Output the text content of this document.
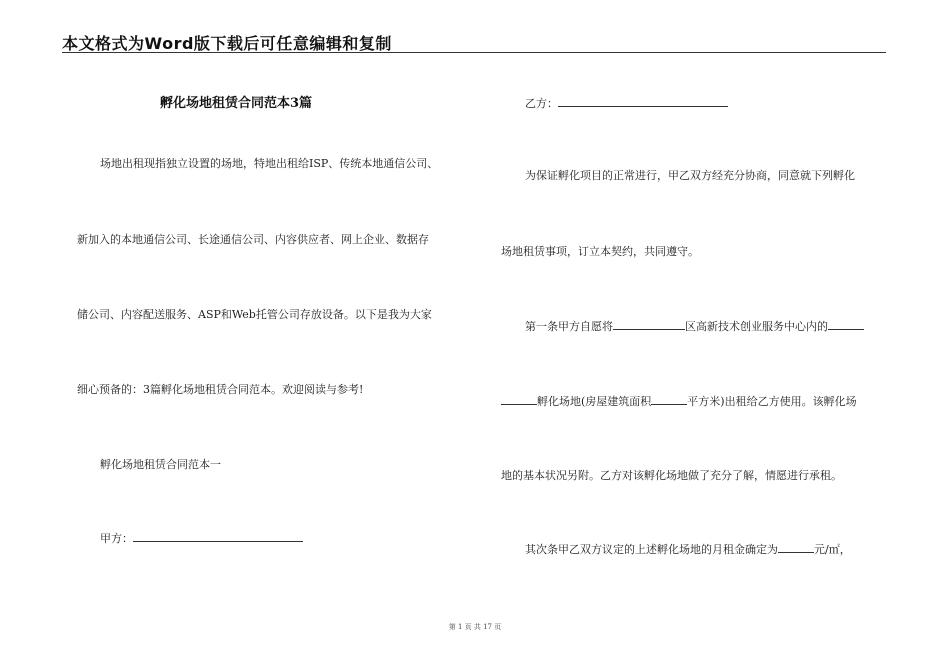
本文格式为Word版下载后可任意编辑和复制
孵化场地租赁合同范本3篇
场地出租现指独立设置的场地，特地出租给ISP、传统本地通信公司、
新加入的本地通信公司、长途通信公司、内容供应者、网上企业、数据存
储公司、内容配送服务、ASP和Web托管公司存放设备。以下是我为大家
细心预备的：3篇孵化场地租赁合同范本。欢迎阅读与参考!
孵化场地租赁合同范本一
甲方：
乙方：
为保证孵化项目的正常进行，甲乙双方经充分协商，同意就下列孵化
场地租赁事项，订立本契约，共同遵守。
第一条甲方自愿将	区高新技术创业服务中心内的
孵化场地(房屋建筑面积	平方米)出租给乙方使用。该孵化场
地的基本状况另附。乙方对该孵化场地做了充分了解，情愿进行承租。
其次条甲乙双方议定的上述孵化场地的月租金确定为	元/㎡，
第 1 页 共 17 页
